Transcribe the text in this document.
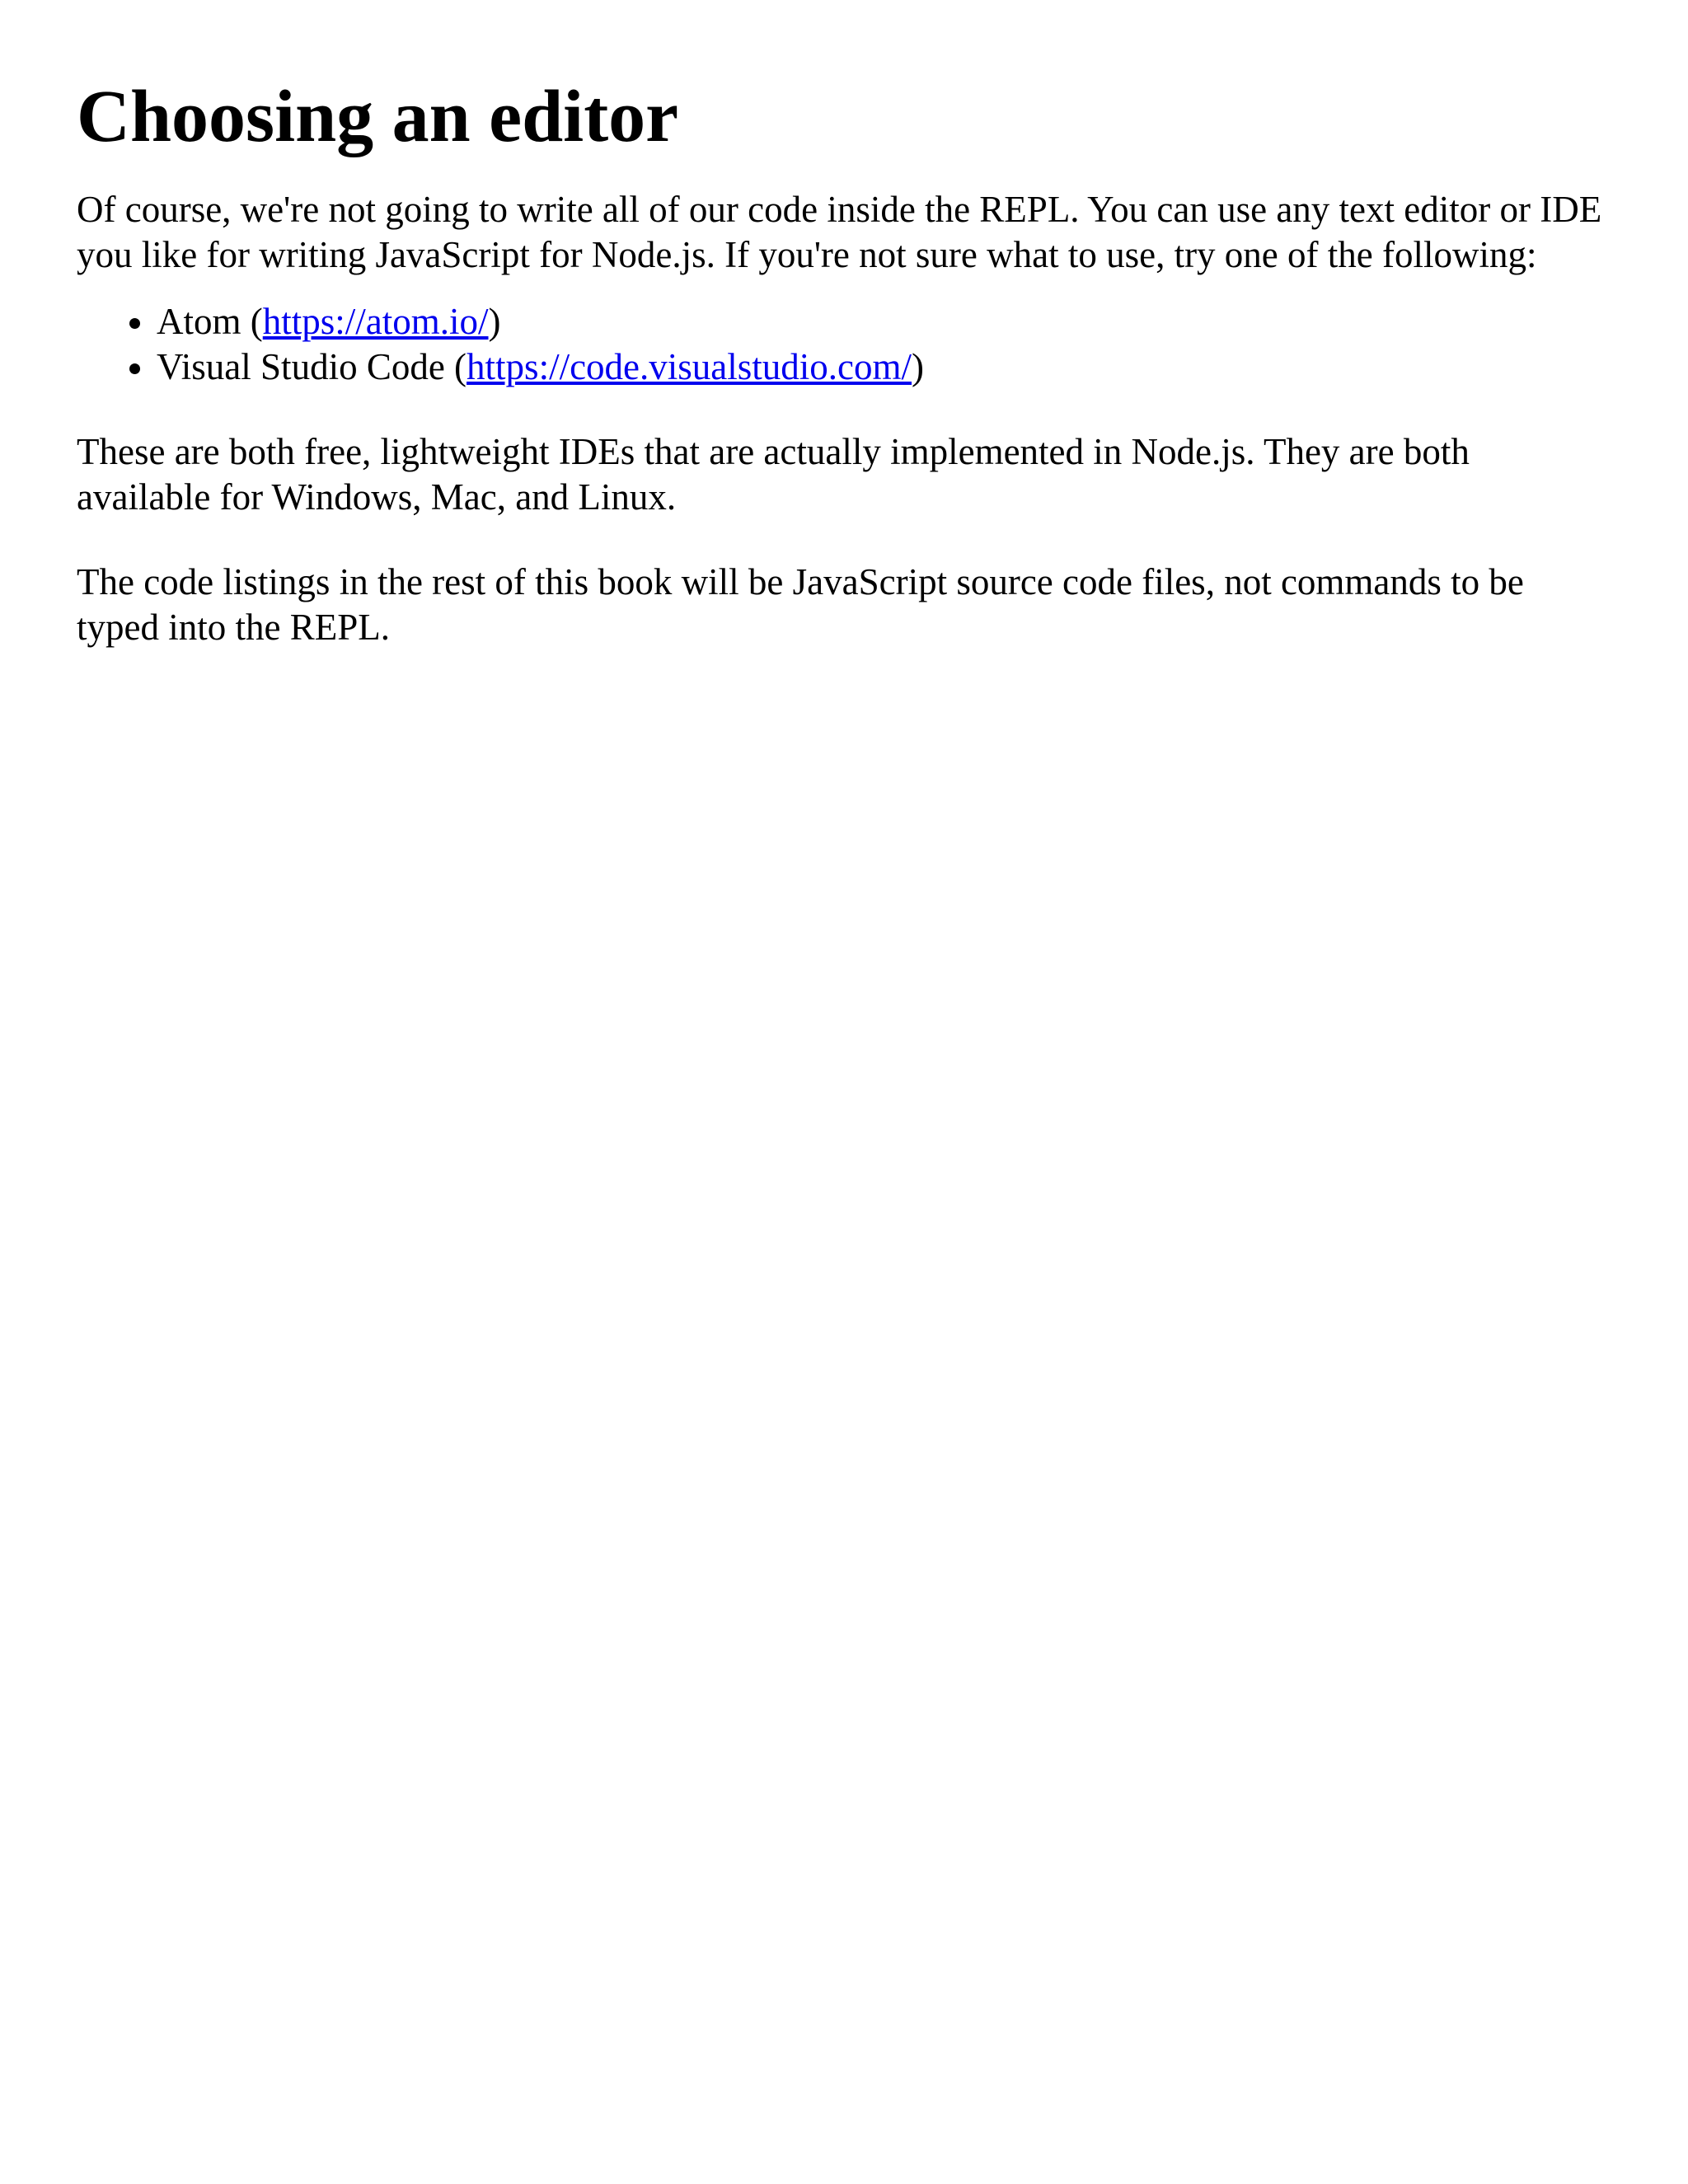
Choosing an editor

Of course, we're not going to write all of our code inside the REPL. You can use any text editor or IDE you like for writing JavaScript for Node.js. If you're not sure what to use, try one of the following:

• Atom (https://atom.io/)
• Visual Studio Code (https://code.visualstudio.com/)

These are both free, lightweight IDEs that are actually implemented in Node.js. They are both available for Windows, Mac, and Linux.

The code listings in the rest of this book will be JavaScript source code files, not commands to be typed into the REPL.
